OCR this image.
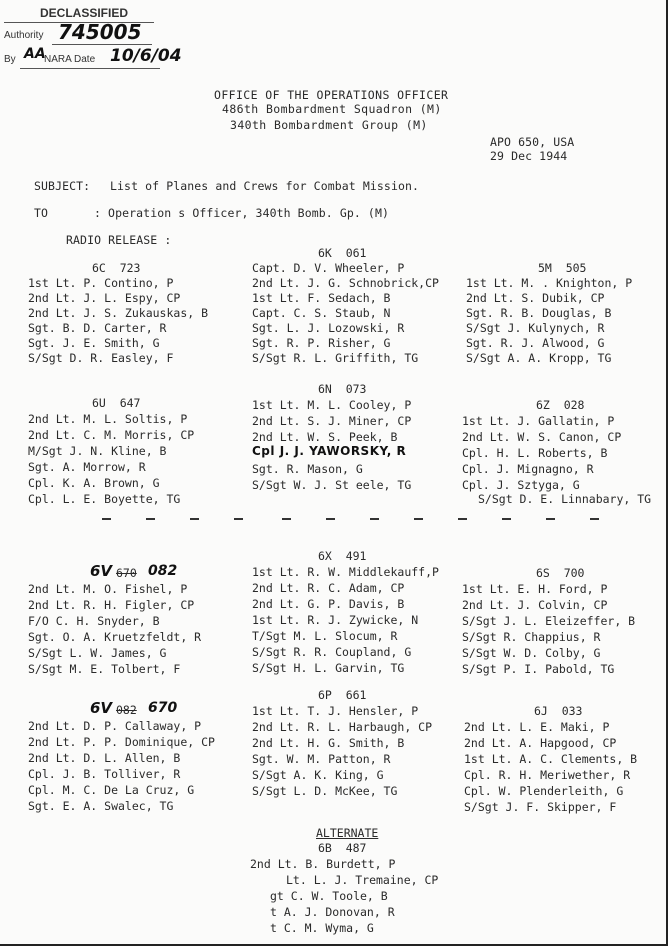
DECLASSIFIED
Authority 745005
By AA
NARA Date 10/6/04
OFFICE OF THE OPERATIONS OFFICER
486th Bombardment Squadron (M)
340th Bombardment Group (M)
APO 650, USA
29 Dec 1944
SUBJECT: List of Planes and Crews for Combat Mission.
TO	: Operation s Officer, 340th Bomb. Gp. (M)
RADIO RELEASE :
6C  723
1st Lt. P. Contino, P
2nd Lt. J. L. Espy, CP
2nd Lt. J. S. Zukauskas, B
Sgt. B. D. Carter, R
Sgt. J. E. Smith, G
S/Sgt D. R. Easley, F
6K  061
Capt. D. V. Wheeler, P
2nd Lt. J. G. Schnobrick,CP
1st Lt. F. Sedach, B
Capt. C. S. Staub, N
Sgt. L. J. Lozowski, R
Sgt. R. P. Risher, G
S/Sgt R. L. Griffith, TG
5M  505
1st Lt. M. . Knighton, P
2nd Lt. S. Dubik, CP
Sgt. R. B. Douglas, B
S/Sgt J. Kulynych, R
Sgt. R. J. Alwood, G
S/Sgt A. A. Kropp, TG
6U  647
2nd Lt. M. L. Soltis, P
2nd Lt. C. M. Morris, CP
M/Sgt J. N. Kline, B
Sgt. A. Morrow, R
Cpl. K. A. Brown, G
Cpl. L. E. Boyette, TG
6N  073
1st Lt. M. L. Cooley, P
2nd Lt. S. J. Miner, CP
2nd Lt. W. S. Peek, B
Cpl J. J. YAWORSKY, R
Sgt. R. Mason, G
S/Sgt W. J. St eele, TG
6Z  028
1st Lt. J. Gallatin, P
2nd Lt. W. S. Canon, CP
Cpl. H. L. Roberts, B
Cpl. J. Mignagno, R
Cpl. J. Sztyga, G
S/Sgt D. E. Linnabary, TG
6V 670 082
2nd Lt. M. O. Fishel, P
2nd Lt. R. H. Figler, CP
F/O C. H. Snyder, B
Sgt. O. A. Kruetzfeldt, R
S/Sgt L. W. James, G
S/Sgt M. E. Tolbert, F
6X  491
1st Lt. R. W. Middlekauff,P
2nd Lt. R. C. Adam, CP
2nd Lt. G. P. Davis, B
1st Lt. R. J. Zywicke, N
T/Sgt M. L. Slocum, R
S/Sgt R. R. Coupland, G
S/Sgt H. L. Garvin, TG
6S  700
1st Lt. E. H. Ford, P
2nd Lt. J. Colvin, CP
S/Sgt J. L. Eleizeffer, B
S/Sgt R. Chappius, R
S/Sgt W. D. Colby, G
S/Sgt P. I. Pabold, TG
6V 082 670
2nd Lt. D. P. Callaway, P
2nd Lt. P. P. Dominique, CP
2nd Lt. D. L. Allen, B
Cpl. J. B. Tolliver, R
Cpl. M. C. De La Cruz, G
Sgt. E. A. Swalec, TG
6P  661
1st Lt. T. J. Hensler, P
2nd Lt. R. L. Harbaugh, CP
2nd Lt. H. G. Smith, B
Sgt. W. M. Patton, R
S/Sgt A. K. King, G
S/Sgt L. D. McKee, TG
6J  033
2nd Lt. L. E. Maki, P
2nd Lt. A. Hapgood, CP
1st Lt. A. C. Clements, B
Cpl. R. H. Meriwether, R
Cpl. W. Plenderleith, G
S/Sgt J. F. Skipper, F
ALTERNATE
6B  487
2nd Lt. B. Burdett, P
Lt. L. J. Tremaine, CP
gt C. W. Toole, B
t A. J. Donovan, R
t C. M. Wyma, G
